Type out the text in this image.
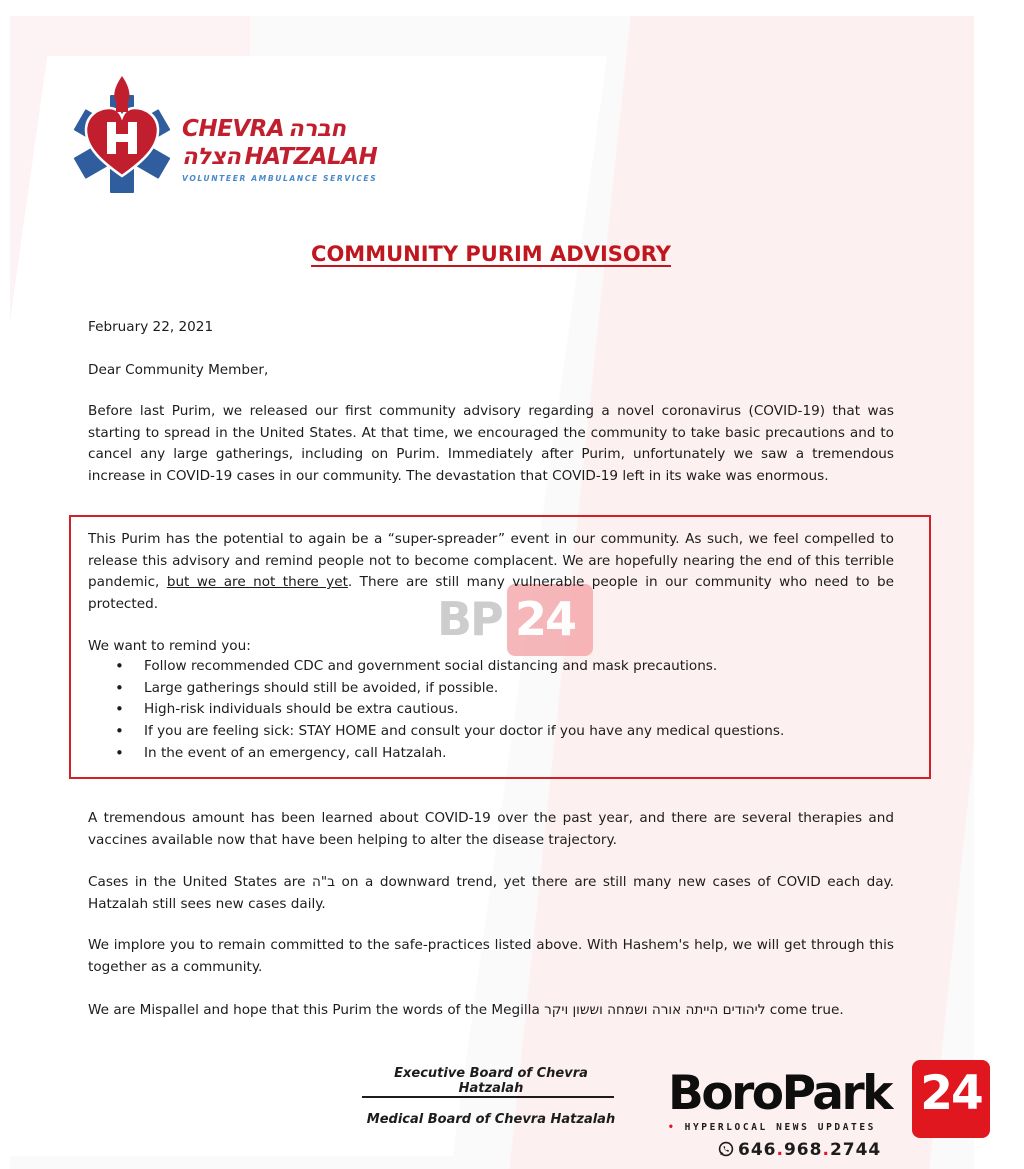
CHEVRA חברה
הצלה HATZALAH
VOLUNTEER AMBULANCE SERVICES
COMMUNITY PURIM ADVISORY
February 22, 2021
Dear Community Member,
Before last Purim, we released our first community advisory regarding a novel coronavirus (COVID-19) that was starting to spread in the United States. At that time, we encouraged the community to take basic precautions and to cancel any large gatherings, including on Purim. Immediately after Purim, unfortunately we saw a tremendous increase in COVID-19 cases in our community. The devastation that COVID-19 left in its wake was enormous.
BP 24
This Purim has the potential to again be a “super-spreader” event in our community. As such, we feel compelled to release this advisory and remind people not to become complacent. We are hopefully nearing the end of this terrible pandemic, but we are not there yet. There are still many vulnerable people in our community who need to be protected.
We want to remind you:
• Follow recommended CDC and government social distancing and mask precautions.
• Large gatherings should still be avoided, if possible.
• High-risk individuals should be extra cautious.
• If you are feeling sick: STAY HOME and consult your doctor if you have any medical questions.
• In the event of an emergency, call Hatzalah.
A tremendous amount has been learned about COVID-19 over the past year, and there are several therapies and vaccines available now that have been helping to alter the disease trajectory.
Cases in the United States are ב"ה on a downward trend, yet there are still many new cases of COVID each day. Hatzalah still sees new cases daily.
We implore you to remain committed to the safe-practices listed above. With Hashem's help, we will get through this together as a community.
We are Mispallel and hope that this Purim the words of the Megilla ליהודים הייתה אורה ושמחה וששון ויקר come true.
Executive Board of Chevra Hatzalah
Medical Board of Chevra Hatzalah BoroPark 24
• HYPERLOCAL NEWS UPDATES
646.968.2744
